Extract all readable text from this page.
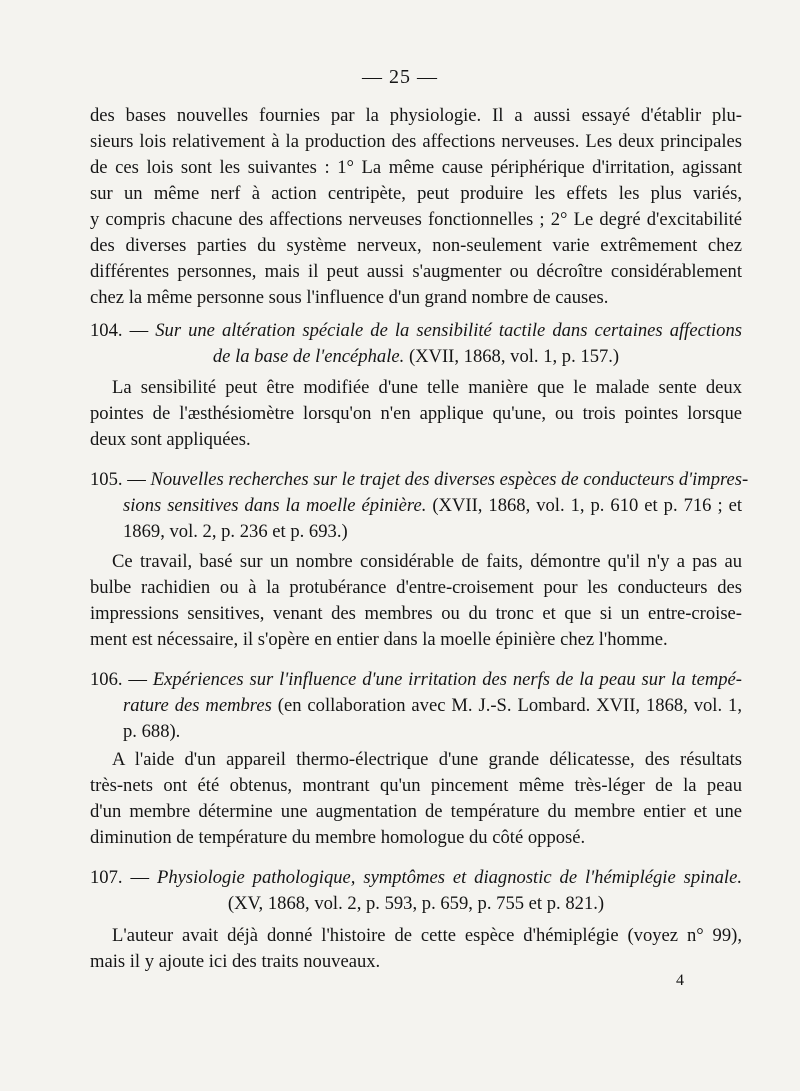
— 25 —
des bases nouvelles fournies par la physiologie. Il a aussi essayé d'établir plu-
sieurs lois relativement à la production des affections nerveuses. Les deux principales
de ces lois sont les suivantes : 1° La même cause périphérique d'irritation, agissant
sur un même nerf à action centripète, peut produire les effets les plus variés,
y compris chacune des affections nerveuses fonctionnelles ; 2° Le degré d'excitabilité
des diverses parties du système nerveux, non-seulement varie extrêmement chez
différentes personnes, mais il peut aussi s'augmenter ou décroître considérablement
chez la même personne sous l'influence d'un grand nombre de causes.
104. — Sur une altération spéciale de la sensibilité tactile dans certaines affections
de la base de l'encéphale. (XVII, 1868, vol. 1, p. 157.)
La sensibilité peut être modifiée d'une telle manière que le malade sente deux
pointes de l'æsthésiomètre lorsqu'on n'en applique qu'une, ou trois pointes lorsque
deux sont appliquées.
105. — Nouvelles recherches sur le trajet des diverses espèces de conducteurs d'impres-
sions sensitives dans la moelle épinière. (XVII, 1868, vol. 1, p. 610 et p. 716 ; et
1869, vol. 2, p. 236 et p. 693.)
Ce travail, basé sur un nombre considérable de faits, démontre qu'il n'y a pas au
bulbe rachidien ou à la protubérance d'entre-croisement pour les conducteurs des
impressions sensitives, venant des membres ou du tronc et que si un entre-croise-
ment est nécessaire, il s'opère en entier dans la moelle épinière chez l'homme.
106. — Expériences sur l'influence d'une irritation des nerfs de la peau sur la tempé-
rature des membres (en collaboration avec M. J.-S. Lombard. XVII, 1868, vol. 1,
p. 688).
A l'aide d'un appareil thermo-électrique d'une grande délicatesse, des résultats
très-nets ont été obtenus, montrant qu'un pincement même très-léger de la peau
d'un membre détermine une augmentation de température du membre entier et une
diminution de température du membre homologue du côté opposé.
107. — Physiologie pathologique, symptômes et diagnostic de l'hémiplégie spinale.
(XV, 1868, vol. 2, p. 593, p. 659, p. 755 et p. 821.)
L'auteur avait déjà donné l'histoire de cette espèce d'hémiplégie (voyez n° 99),
mais il y ajoute ici des traits nouveaux.
4
